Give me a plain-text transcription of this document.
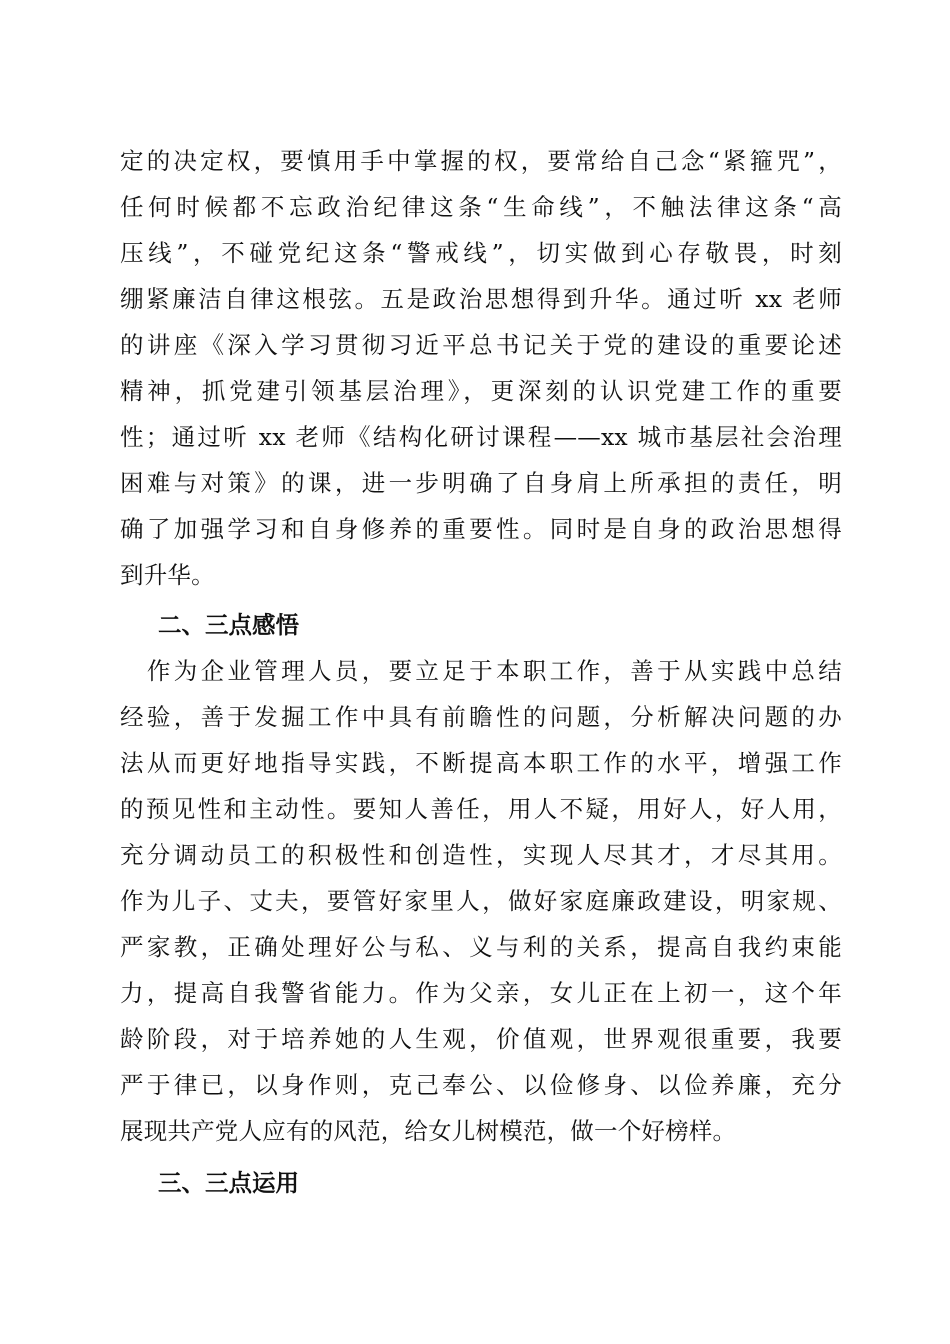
定的决定权，要慎用手中掌握的权，要常给自己念“紧箍咒”，
任何时候都不忘政治纪律这条“生命线”，不触法律这条“高
压线”，不碰党纪这条“警戒线”，切实做到心存敬畏，时刻
绷紧廉洁自律这根弦。五是政治思想得到升华。通过听 xx 老师
的讲座《深入学习贯彻习近平总书记关于党的建设的重要论述
精神，抓党建引领基层治理》，更深刻的认识党建工作的重要
性；通过听 xx 老师《结构化研讨课程——xx 城市基层社会治理
困难与对策》的课，进一步明确了自身肩上所承担的责任，明
确了加强学习和自身修养的重要性。同时是自身的政治思想得
到升华。
二、三点感悟
　作为企业管理人员，要立足于本职工作，善于从实践中总结
经验，善于发掘工作中具有前瞻性的问题，分析解决问题的办
法从而更好地指导实践，不断提高本职工作的水平，增强工作
的预见性和主动性。要知人善任，用人不疑，用好人，好人用，
充分调动员工的积极性和创造性，实现人尽其才，才尽其用。
作为儿子、丈夫，要管好家里人，做好家庭廉政建设，明家规、
严家教，正确处理好公与私、义与利的关系，提高自我约束能
力，提高自我警省能力。作为父亲，女儿正在上初一，这个年
龄阶段，对于培养她的人生观，价值观，世界观很重要，我要
严于律已，以身作则，克己奉公、以俭修身、以俭养廉，充分
展现共产党人应有的风范，给女儿树模范，做一个好榜样。
三、三点运用
